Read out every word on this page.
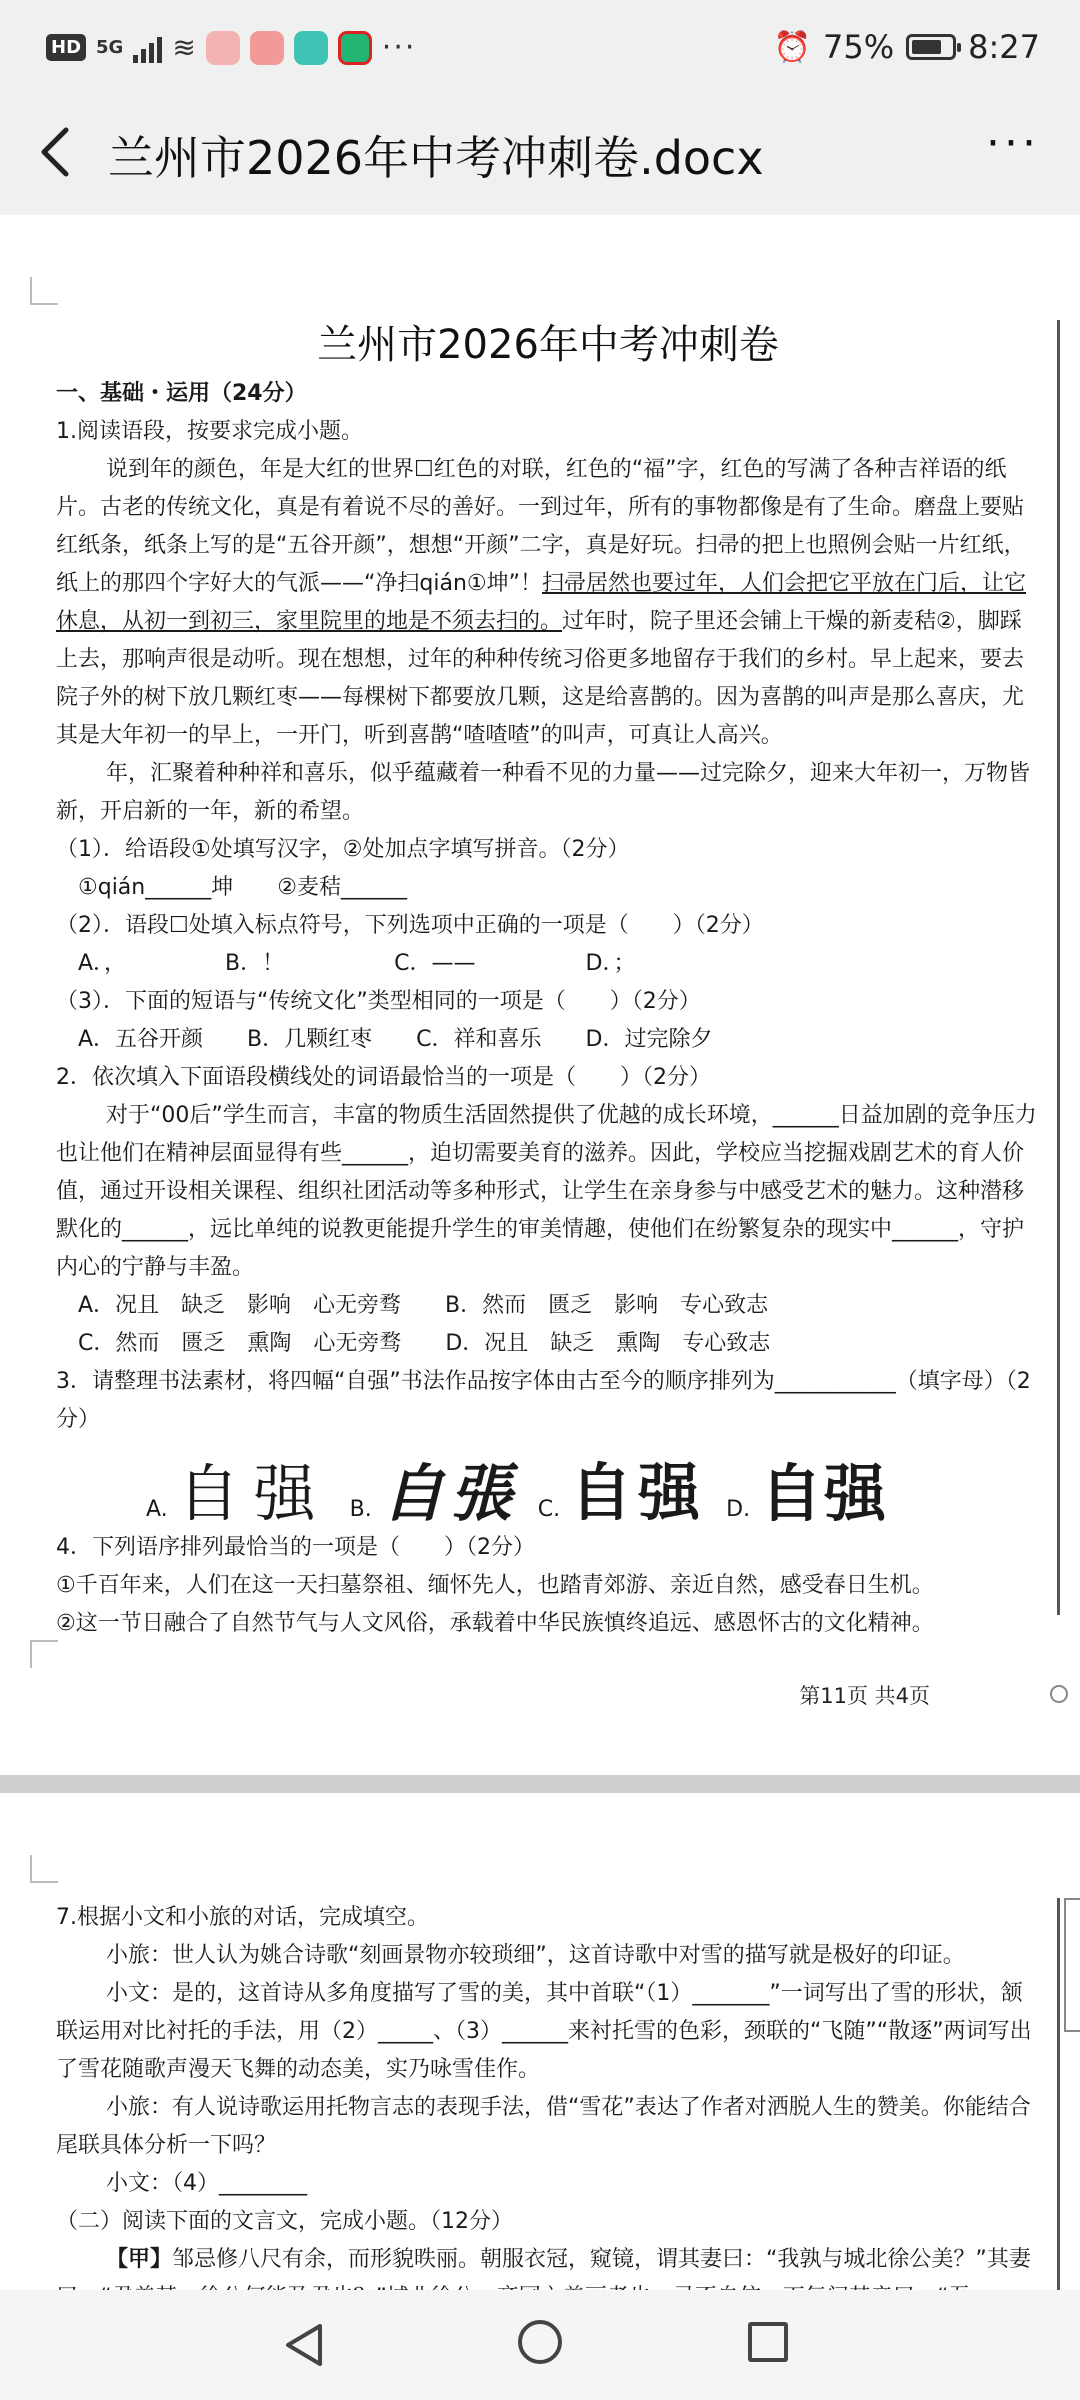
HD 5G ≋	···	⏰ 75% 8:27
兰州市2026年中考冲刺卷.docx	···

兰州市2026年中考冲刺卷

一、基础・运用（24分）

1.阅读语段，按要求完成小题。

说到年的颜色，年是大红的世界☐红色的对联，红色的“福”字，红色的写满了各种吉祥语的纸片。古老的传统文化，真是有着说不尽的善好。一到过年，所有的事物都像是有了生命。磨盘上要贴红纸条，纸条上写的是“五谷开颜”，想想“开颜”二字，真是好玩。扫帚的把上也照例会贴一片红纸，纸上的那四个字好大的气派——“净扫qián①坤”！扫帚居然也要过年，人们会把它平放在门后，让它休息，从初一到初三，家里院里的地是不须去扫的。过年时，院子里还会铺上干燥的新麦秸②，脚踩上去，那响声很是动听。现在想想，过年的种种传统习俗更多地留存于我们的乡村。早上起来，要去院子外的树下放几颗红枣——每棵树下都要放几颗，这是给喜鹊的。因为喜鹊的叫声是那么喜庆，尤其是大年初一的早上，一开门，听到喜鹊“喳喳喳”的叫声，可真让人高兴。

年，汇聚着种种祥和喜乐，似乎蕴藏着一种看不见的力量——过完除夕，迎来大年初一，万物皆新，开启新的一年，新的希望。

（1）．给语段①处填写汉字，②处加点字填写拼音。（2分）

①qián______坤　　②麦秸______

（2）．语段☐处填入标点符号，下列选项中正确的一项是（　　）（2分）

A．，　　　　　B．！　　　　　C．——　　　　　D．；

（3）．下面的短语与“传统文化”类型相同的一项是（　　）（2分）

A．五谷开颜　　B．几颗红枣　　C．祥和喜乐　　D．过完除夕

2．依次填入下面语段横线处的词语最恰当的一项是（　　）（2分）

对于“00后”学生而言，丰富的物质生活固然提供了优越的成长环境，______日益加剧的竞争压力也让他们在精神层面显得有些______，迫切需要美育的滋养。因此，学校应当挖掘戏剧艺术的育人价值，通过开设相关课程、组织社团活动等多种形式，让学生在亲身参与中感受艺术的魅力。这种潜移默化的______，远比单纯的说教更能提升学生的审美情趣，使他们在纷繁复杂的现实中______，守护内心的宁静与丰盈。

A．况且　缺乏　影响　心无旁骛　　B．然而　匮乏　影响　专心致志

C．然而　匮乏　熏陶　心无旁骛　　D．况且　缺乏　熏陶　专心致志

3．请整理书法素材，将四幅“自强”书法作品按字体由古至今的顺序排列为___________（填字母）（2分）

A. 自强 B. 自張 C. 自强 D. 自强

4．下列语序排列最恰当的一项是（　　）（2分）

①千百年来，人们在这一天扫墓祭祖、缅怀先人，也踏青郊游、亲近自然，感受春日生机。

②这一节日融合了自然节气与人文风俗，承载着中华民族慎终追远、感恩怀古的文化精神。

第11页 共4页

7.根据小文和小旅的对话，完成填空。

小旅：世人认为姚合诗歌“刻画景物亦较琐细”，这首诗歌中对雪的描写就是极好的印证。

小文：是的，这首诗从多角度描写了雪的美，其中首联“（1）_______”一词写出了雪的形状，颔联运用对比衬托的手法，用（2）_____、（3）______来衬托雪的色彩，颈联的“飞随”“散逐”两词写出了雪花随歌声漫天飞舞的动态美，实乃咏雪佳作。

小旅：有人说诗歌运用托物言志的表现手法，借“雪花”表达了作者对洒脱人生的赞美。你能结合尾联具体分析一下吗？

小文：（4）________

（二）阅读下面的文言文，完成小题。（12分）

【甲】邹忌修八尺有余，而形貌昳丽。朝服衣冠，窥镜，谓其妻曰：“我孰与城北徐公美？”其妻
